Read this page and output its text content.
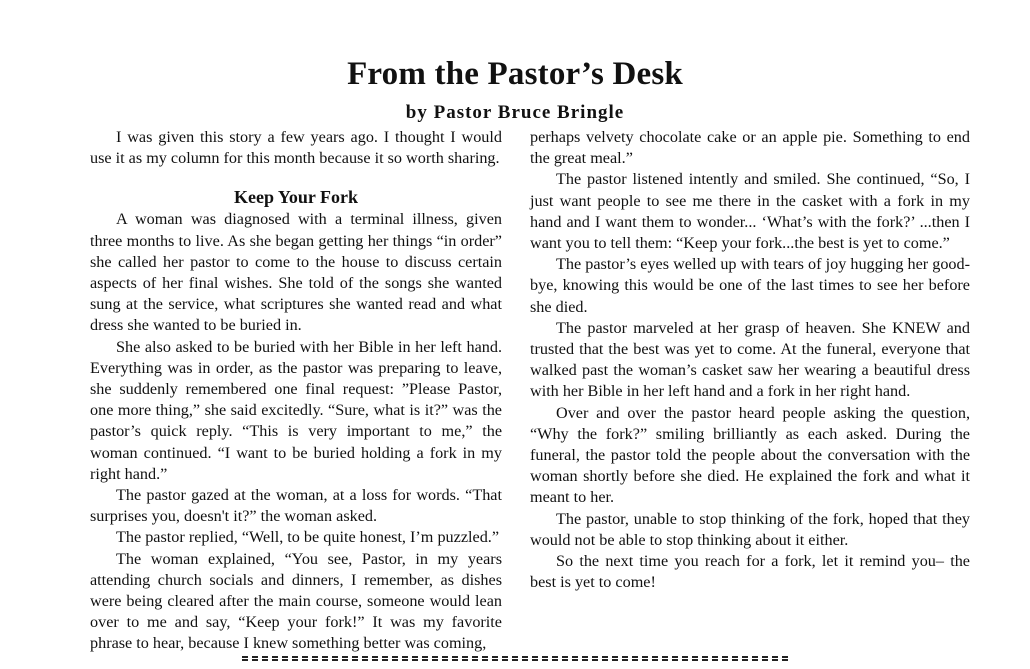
From the Pastor’s Desk
by Pastor Bruce Bringle

I was given this story a few years ago. I thought I would use it as my column for this month because it so worth sharing.

Keep Your Fork

A woman was diagnosed with a terminal illness, given three months to live. As she began getting her things “in order” she called her pastor to come to the house to discuss certain aspects of her final wishes. She told of the songs she wanted sung at the service, what scriptures she wanted read and what dress she wanted to be buried in.

She also asked to be buried with her Bible in her left hand. Everything was in order, as the pastor was preparing to leave, she suddenly remembered one final request: ”Please Pastor, one more thing,” she said excitedly. “Sure, what is it?” was the pastor’s quick reply. “This is very important to me,” the woman continued. “I want to be buried holding a fork in my right hand.”

The pastor gazed at the woman, at a loss for words. “That surprises you, doesn't it?” the woman asked.

The pastor replied, “Well, to be quite honest, I’m puzzled.”

The woman explained, “You see, Pastor, in my years attending church socials and dinners, I remember, as dishes were being cleared after the main course, someone would lean over to me and say, “Keep your fork!” It was my favorite phrase to hear, because I knew something better was coming,

perhaps velvety chocolate cake or an apple pie. Something to end the great meal.”

The pastor listened intently and smiled. She continued, “So, I just want people to see me there in the casket with a fork in my hand and I want them to wonder... ‘What’s with the fork?’ ...then I want you to tell them: “Keep your fork...the best is yet to come.”

The pastor’s eyes welled up with tears of joy hugging her good-bye, knowing this would be one of the last times to see her before she died.

The pastor marveled at her grasp of heaven. She KNEW and trusted that the best was yet to come. At the funeral, everyone that walked past the woman’s casket saw her wearing a beautiful dress with her Bible in her left hand and a fork in her right hand.

Over and over the pastor heard people asking the question, “Why the fork?” smiling brilliantly as each asked. During the funeral, the pastor told the people about the conversation with the woman shortly before she died. He explained the fork and what it meant to her.

The pastor, unable to stop thinking of the fork, hoped that they would not be able to stop thinking about it either.

So the next time you reach for a fork, let it remind you– the best is yet to come!
